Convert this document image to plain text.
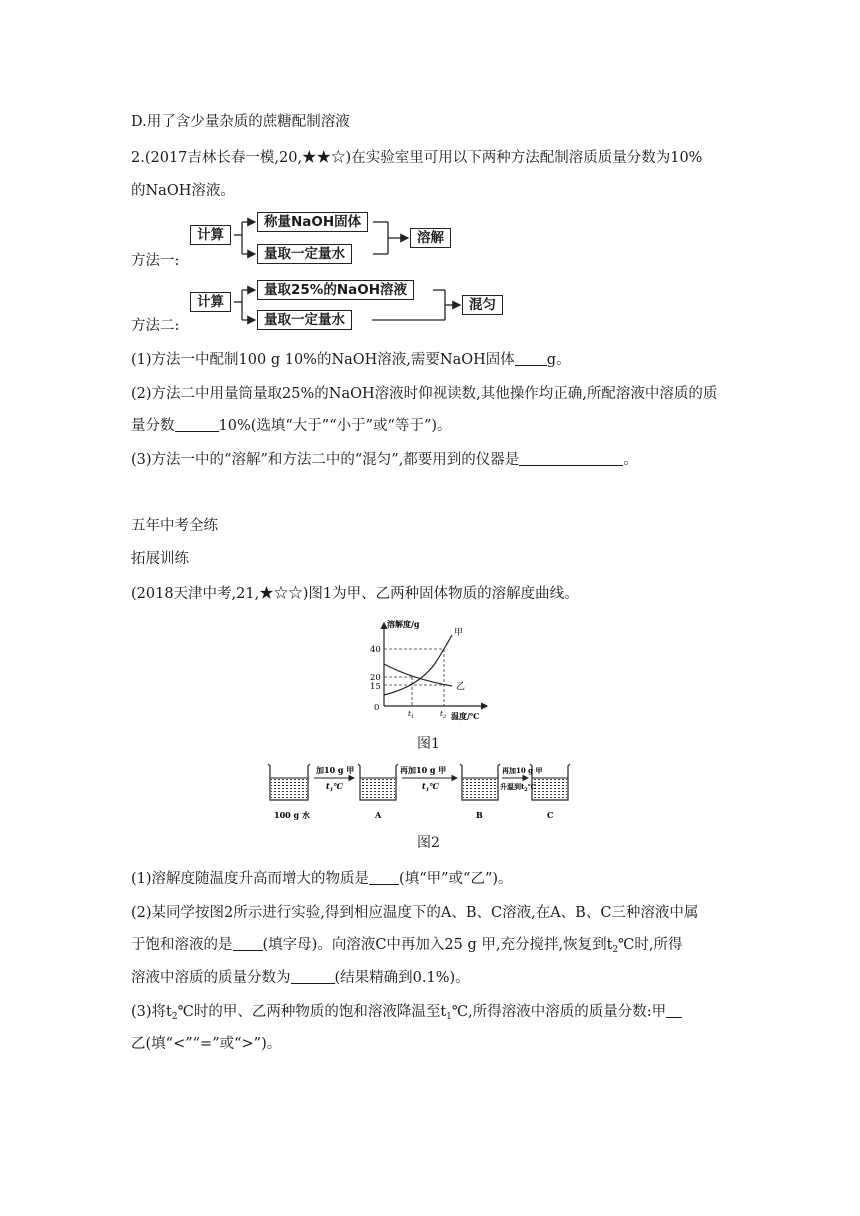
D.用了含少量杂质的蔗糖配制溶液
2.(2017吉林长春一模,20,★★☆)在实验室里可用以下两种方法配制溶质质量分数为10%
的NaOH溶液。
方法一:
计算
称量NaOH固体
量取一定量水
溶解
方法二:
计算
量取25%的NaOH溶液
量取一定量水
混匀
(1)方法一中配制100 g 10%的NaOH溶液,需要NaOH固体 g。
(2)方法二中用量筒量取25%的NaOH溶液时仰视读数,其他操作均正确,所配溶液中溶质的质
量分数	10%(选填“大于”“小于”或“等于”)。
(3)方法一中的“溶解”和方法二中的“混匀”,都要用到的仪器是	。
五年中考全练
拓展训练
(2018天津中考,21,★☆☆)图1为甲、乙两种固体物质的溶解度曲线。
溶解度/g
温度/℃
40
20
15
0
甲
乙
$t_1$	$t_2$
图1
加10 g 甲
$t_1℃$
再加10 g 甲
$t_1℃$
再加10 g 甲
升温到$t_2℃$
100 g 水	A	B	C
图2
(1)溶解度随温度升高而增大的物质是 (填“甲”或“乙”)。
(2)某同学按图2所示进行实验,得到相应温度下的A、B、C溶液,在A、B、C三种溶液中属
于饱和溶液的是 (填字母)。向溶液C中再加入25 g 甲,充分搅拌,恢复到$t_2℃$时,所得
溶液中溶质的质量分数为	(结果精确到0.1%)。
(3)将$t_2℃$时的甲、乙两种物质的饱和溶液降温至$t_1℃$,所得溶液中溶质的质量分数:甲
乙(填“<”“=”或“>”)。
